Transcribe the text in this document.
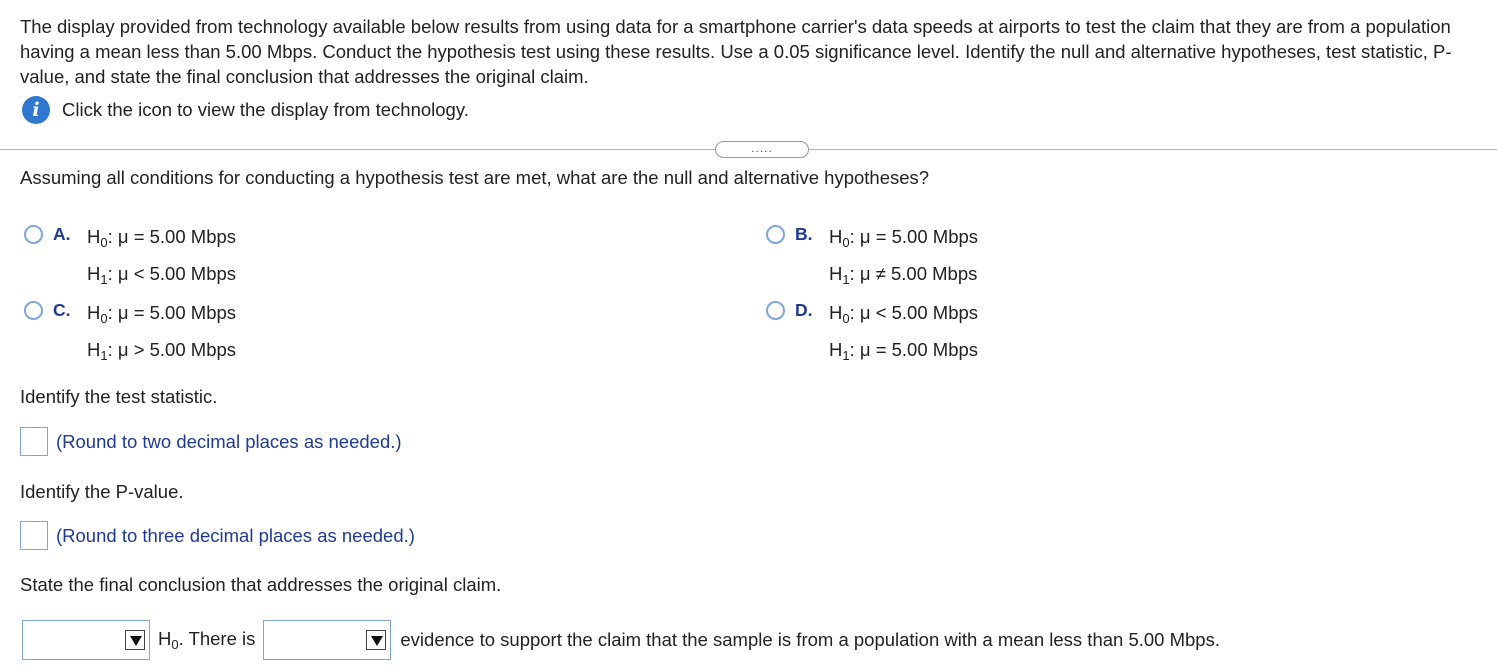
The display provided from technology available below results from using data for a smartphone carrier's data speeds at airports to test the claim that they are from a population having a mean less than 5.00 Mbps. Conduct the hypothesis test using these results. Use a 0.05 significance level. Identify the null and alternative hypotheses, test statistic, P-value, and state the final conclusion that addresses the original claim.

i	Click the icon to view the display from technology.
.....

Assuming all conditions for conducting a hypothesis test are met, what are the null and alternative hypotheses?

A. $H_0$: μ = 5.00 Mbps
$H_1$: μ < 5.00 Mbps
B. $H_0$: μ = 5.00 Mbps
$H_1$: μ ≠ 5.00 Mbps
C. $H_0$: μ = 5.00 Mbps
$H_1$: μ > 5.00 Mbps
D. $H_0$: μ < 5.00 Mbps
$H_1$: μ = 5.00 Mbps

Identify the test statistic.

(Round to two decimal places as needed.)

Identify the P-value.

(Round to three decimal places as needed.)

State the final conclusion that addresses the original claim.

$H_0$. There is	evidence to support the claim that the sample is from a population with a mean less than 5.00 Mbps.
